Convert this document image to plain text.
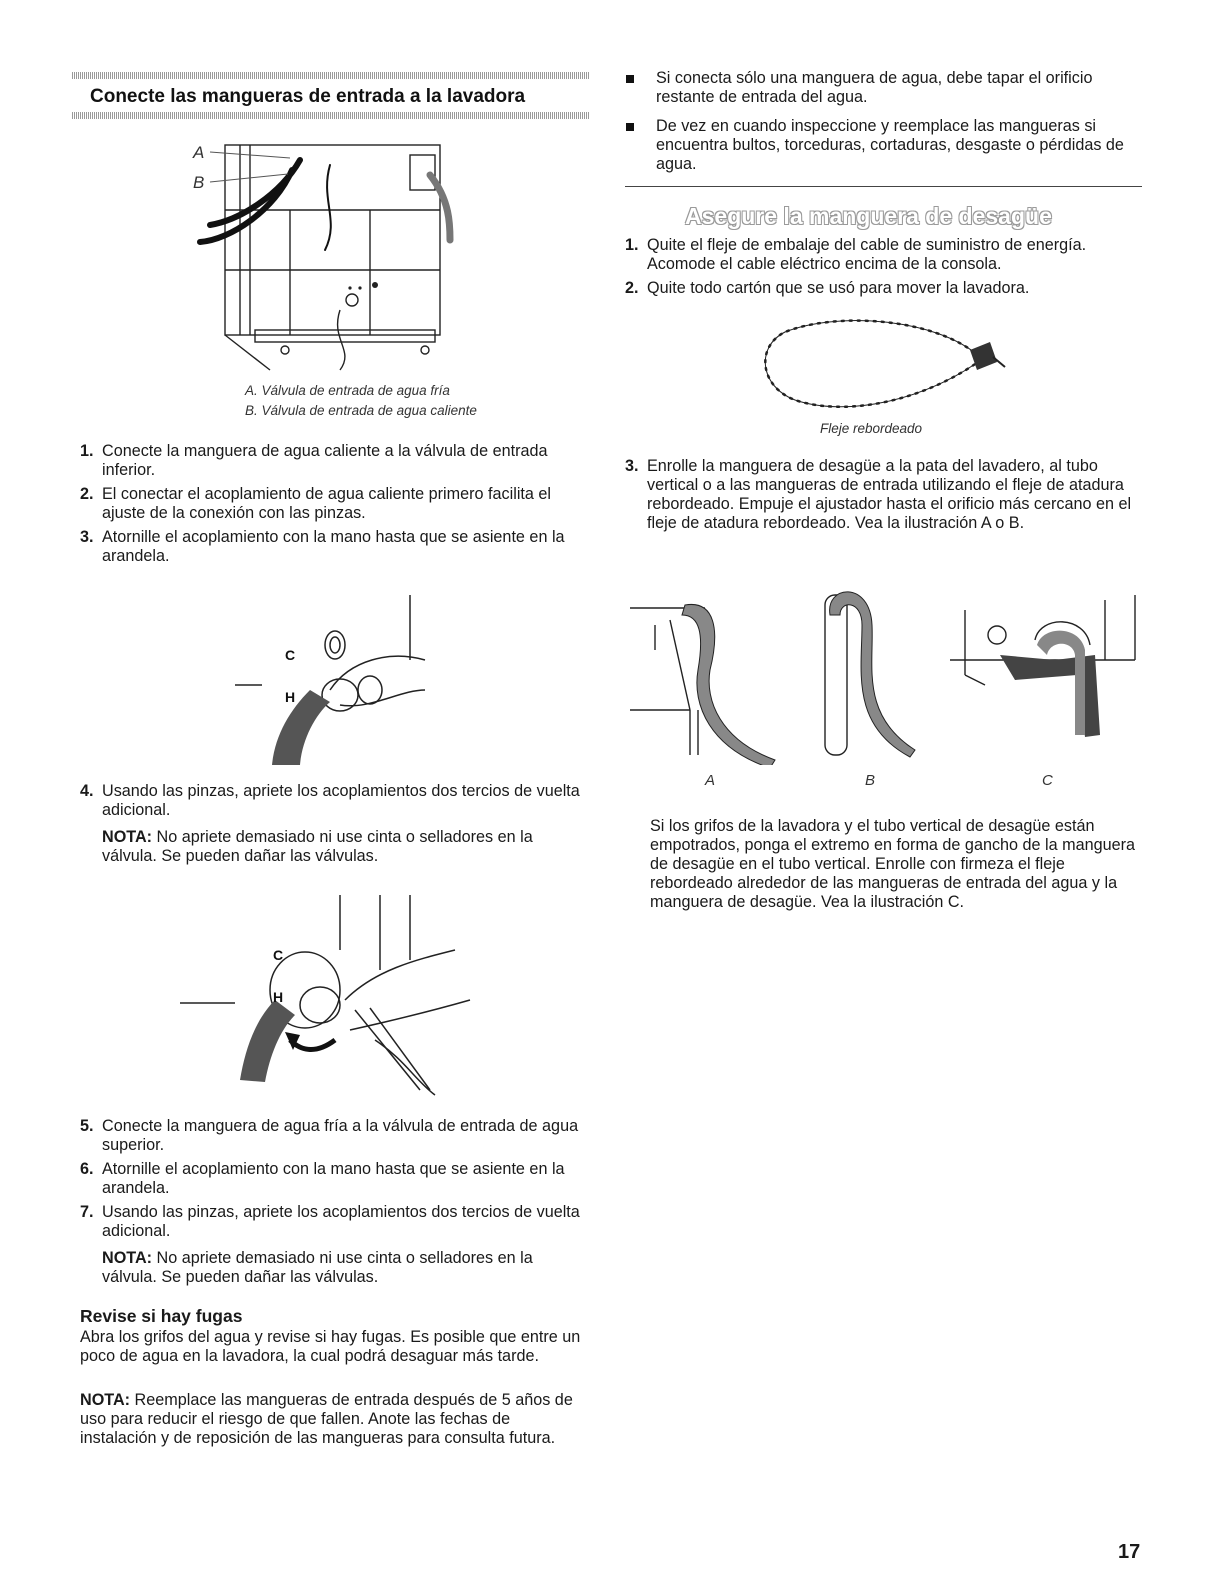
Conecte las mangueras de entrada a la lavadora
A
B
A. Válvula de entrada de agua fría
B. Válvula de entrada de agua caliente
1. Conecte la manguera de agua caliente a la válvula de entrada inferior.
2. El conectar el acoplamiento de agua caliente primero facilita el ajuste de la conexión con las pinzas.
3. Atornille el acoplamiento con la mano hasta que se asiente en la arandela.
C
H
4. Usando las pinzas, apriete los acoplamientos dos tercios de vuelta adicional.
NOTA: No apriete demasiado ni use cinta o selladores en la válvula. Se pueden dañar las válvulas.
C
H
5. Conecte la manguera de agua fría a la válvula de entrada de agua superior.
6. Atornille el acoplamiento con la mano hasta que se asiente en la arandela.
7. Usando las pinzas, apriete los acoplamientos dos tercios de vuelta adicional.
NOTA: No apriete demasiado ni use cinta o selladores en la válvula. Se pueden dañar las válvulas.
Revise si hay fugas
Abra los grifos del agua y revise si hay fugas. Es posible que entre un poco de agua en la lavadora, la cual podrá desaguar más tarde.
NOTA: Reemplace las mangueras de entrada después de 5 años de uso para reducir el riesgo de que fallen. Anote las fechas de instalación y de reposición de las mangueras para consulta futura.
Si conecta sólo una manguera de agua, debe tapar el orificio restante de entrada del agua.
De vez en cuando inspeccione y reemplace las mangueras si encuentra bultos, torceduras, cortaduras, desgaste o pérdidas de agua.
Asegure la manguera de desagüe
1. Quite el fleje de embalaje del cable de suministro de energía. Acomode el cable eléctrico encima de la consola.
2. Quite todo cartón que se usó para mover la lavadora.
Fleje rebordeado
3. Enrolle la manguera de desagüe a la pata del lavadero, al tubo vertical o a las mangueras de entrada utilizando el fleje de atadura rebordeado. Empuje el ajustador hasta el orificio más cercano en el fleje de atadura rebordeado. Vea la ilustración A o B.
A	B	C
Si los grifos de la lavadora y el tubo vertical de desagüe están empotrados, ponga el extremo en forma de gancho de la manguera de desagüe en el tubo vertical. Enrolle con firmeza el fleje rebordeado alrededor de las mangueras de entrada del agua y la manguera de desagüe. Vea la ilustración C.
17
